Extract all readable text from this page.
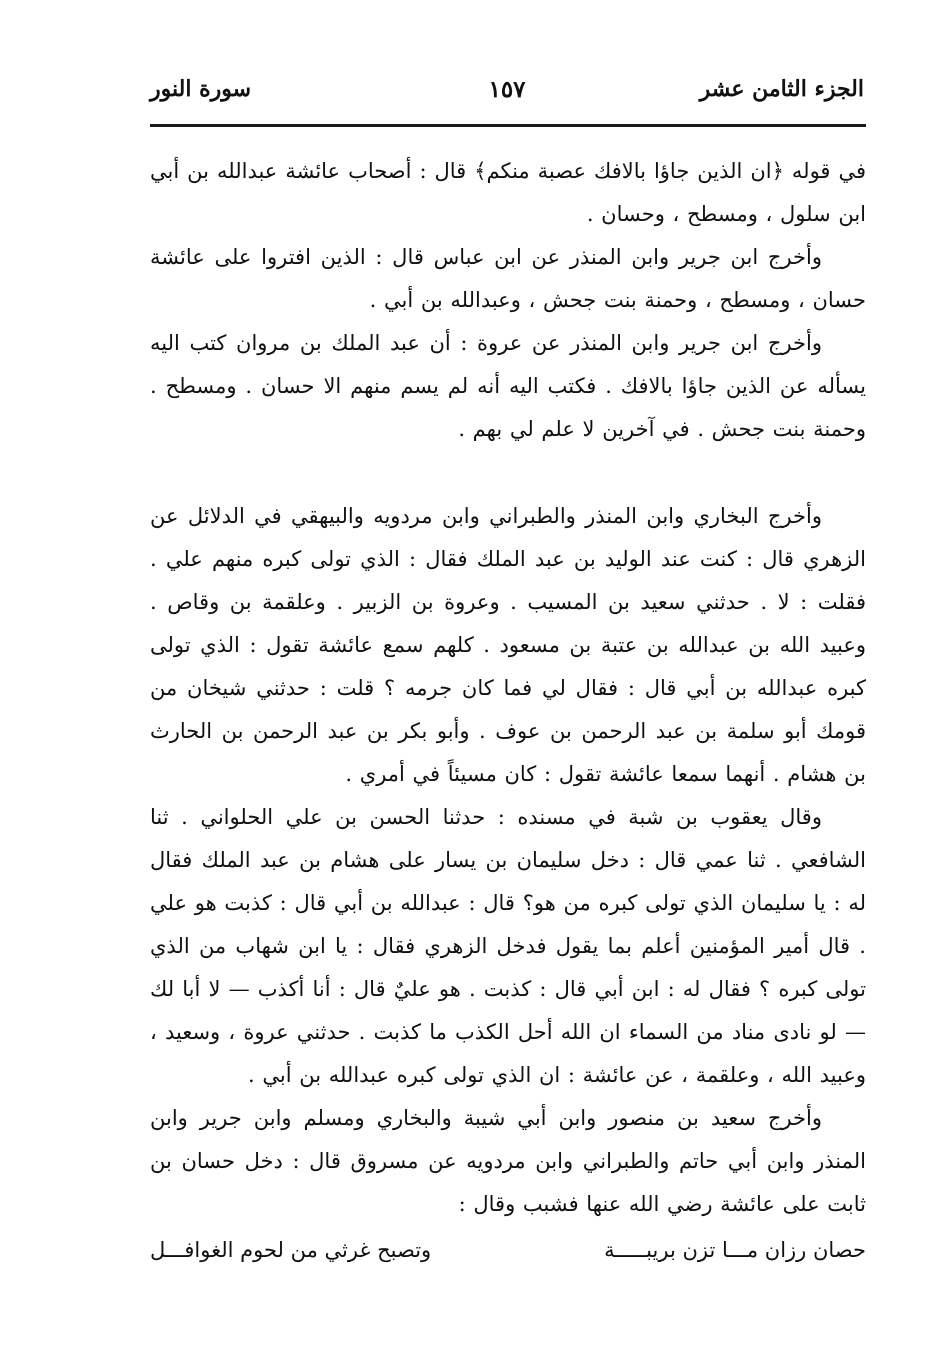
الجزء الثامن عشر
١٥٧
سورة النور

في قوله ﴿ان الذين جاؤا بالافك عصبة منكم﴾ قال : أصحاب عائشة عبدالله بن أبي ابن سلول ، ومسطح ، وحسان .

وأخرج ابن جرير وابن المنذر عن ابن عباس قال : الذين افتروا على عائشة حسان ، ومسطح ، وحمنة بنت جحش ، وعبدالله بن أبي .

وأخرج ابن جرير وابن المنذر عن عروة : أن عبد الملك بن مروان كتب اليه يسأله عن الذين جاؤا بالافك . فكتب اليه أنه لم يسم منهم الا حسان . ومسطح . وحمنة بنت جحش . في آخرين لا علم لي بهم .

وأخرج البخاري وابن المنذر والطبراني وابن مردويه والبيهقي في الدلائل عن الزهري قال : كنت عند الوليد بن عبد الملك فقال : الذي تولى كبره منهم علي . فقلت : لا . حدثني سعيد بن المسيب . وعروة بن الزبير . وعلقمة بن وقاص . وعبيد الله بن عبدالله بن عتبة بن مسعود . كلهم سمع عائشة تقول : الذي تولى كبره عبدالله بن أبي قال : فقال لي فما كان جرمه ؟ قلت : حدثني شيخان من قومك أبو سلمة بن عبد الرحمن بن عوف . وأبو بكر بن عبد الرحمن بن الحارث بن هشام . أنهما سمعا عائشة تقول : كان مسيئاً في أمري .

وقال يعقوب بن شبة في مسنده : حدثنا الحسن بن علي الحلواني . ثنا الشافعي . ثنا عمي قال : دخل سليمان بن يسار على هشام بن عبد الملك فقال له : يا سليمان الذي تولى كبره من هو؟ قال : عبدالله بن أبي قال : كذبت هو علي . قال أمير المؤمنين أعلم بما يقول فدخل الزهري فقال : يا ابن شهاب من الذي تولى كبره ؟ فقال له : ابن أبي قال : كذبت . هو عليٌ قال : أنا أكذب — لا أبا لك — لو نادى مناد من السماء ان الله أحل الكذب ما كذبت . حدثني عروة ، وسعيد ، وعبيد الله ، وعلقمة ، عن عائشة : ان الذي تولى كبره عبدالله بن أبي .

وأخرج سعيد بن منصور وابن أبي شيبة والبخاري ومسلم وابن جرير وابن المنذر وابن أبي حاتم والطبراني وابن مردويه عن مسروق قال : دخل حسان بن ثابت على عائشة رضي الله عنها فشبب وقال :

حصان رزان مـــا تزن بريبـــــة
وتصبح غرثي من لحوم الغوافـــل
